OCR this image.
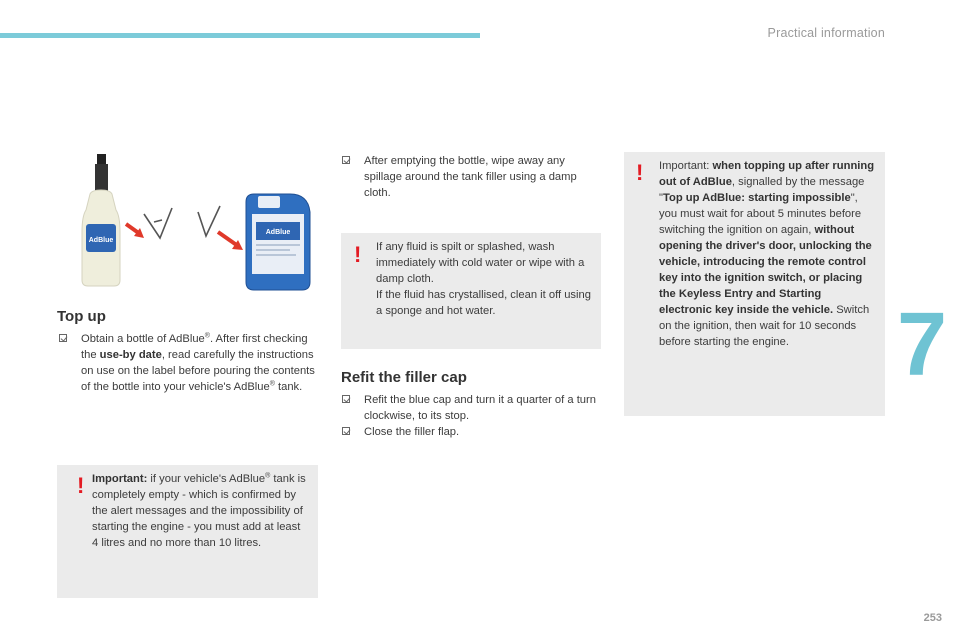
Practical information
7
253
AdBlue
AdBlue
Top up
Obtain a bottle of AdBlue®. After first checking the use-by date, read carefully the instructions on use on the label before pouring the contents of the bottle into your vehicle's AdBlue® tank.
! Important: if your vehicle's AdBlue® tank is completely empty - which is confirmed by the alert messages and the impossibility of starting the engine - you must add at least 4 litres and no more than 10 litres.
After emptying the bottle, wipe away any spillage around the tank filler using a damp cloth.
! If any fluid is spilt or splashed, wash immediately with cold water or wipe with a damp cloth.
If the fluid has crystallised, clean it off using a sponge and hot water.
Refit the filler cap
Refit the blue cap and turn it a quarter of a turn clockwise, to its stop.
Close the filler flap.
! Important: when topping up after running out of AdBlue, signalled by the message "Top up AdBlue: starting impossible", you must wait for about 5 minutes before switching the ignition on again, without opening the driver's door, unlocking the vehicle, introducing the remote control key into the ignition switch, or placing the Keyless Entry and Starting electronic key inside the vehicle. Switch on the ignition, then wait for 10 seconds before starting the engine.
